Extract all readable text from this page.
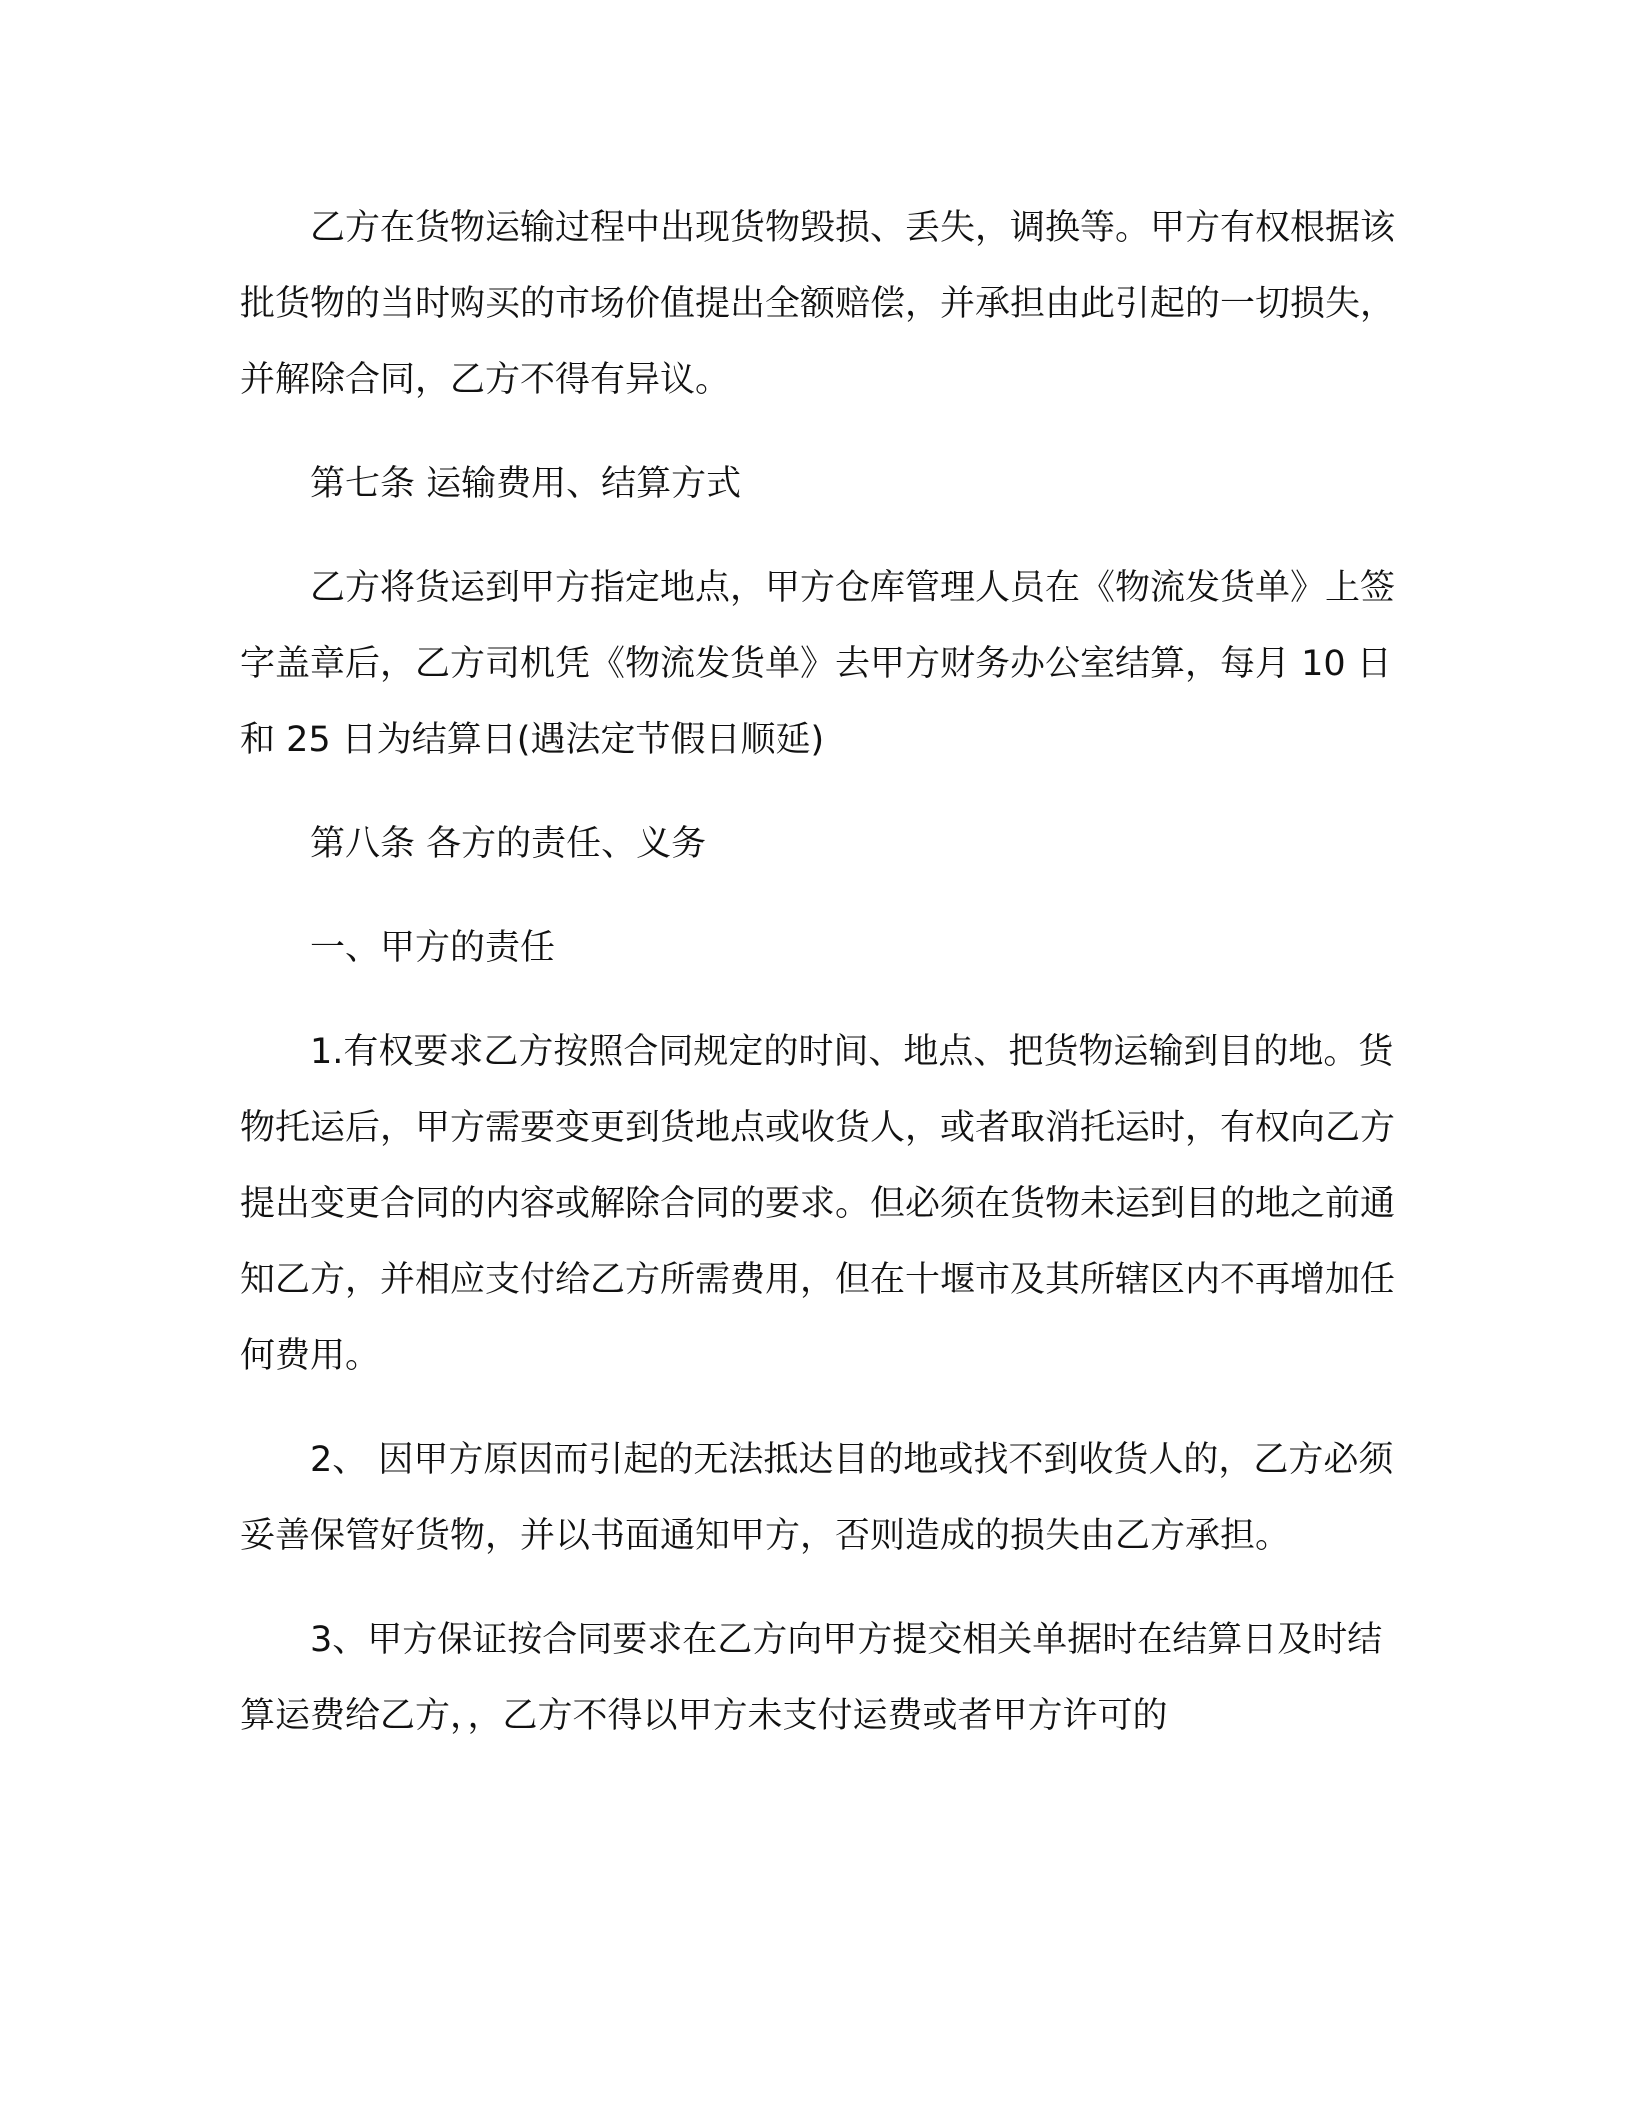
乙方在货物运输过程中出现货物毁损、丢失，调换等。甲方有权根据该批货物的当时购买的市场价值提出全额赔偿，并承担由此引起的一切损失，并解除合同，乙方不得有异议。

第七条 运输费用、结算方式

乙方将货运到甲方指定地点，甲方仓库管理人员在《物流发货单》上签字盖章后，乙方司机凭《物流发货单》去甲方财务办公室结算，每月 10 日和 25 日为结算日(遇法定节假日顺延)

第八条 各方的责任、义务

一、甲方的责任

1.有权要求乙方按照合同规定的时间、地点、把货物运输到目的地。货物托运后，甲方需要变更到货地点或收货人，或者取消托运时，有权向乙方提出变更合同的内容或解除合同的要求。但必须在货物未运到目的地之前通知乙方，并相应支付给乙方所需费用，但在十堰市及其所辖区内不再增加任何费用。

2、 因甲方原因而引起的无法抵达目的地或找不到收货人的，乙方必须妥善保管好货物，并以书面通知甲方，否则造成的损失由乙方承担。

3、甲方保证按合同要求在乙方向甲方提交相关单据时在结算日及时结算运费给乙方，，乙方不得以甲方未支付运费或者甲方许可的
